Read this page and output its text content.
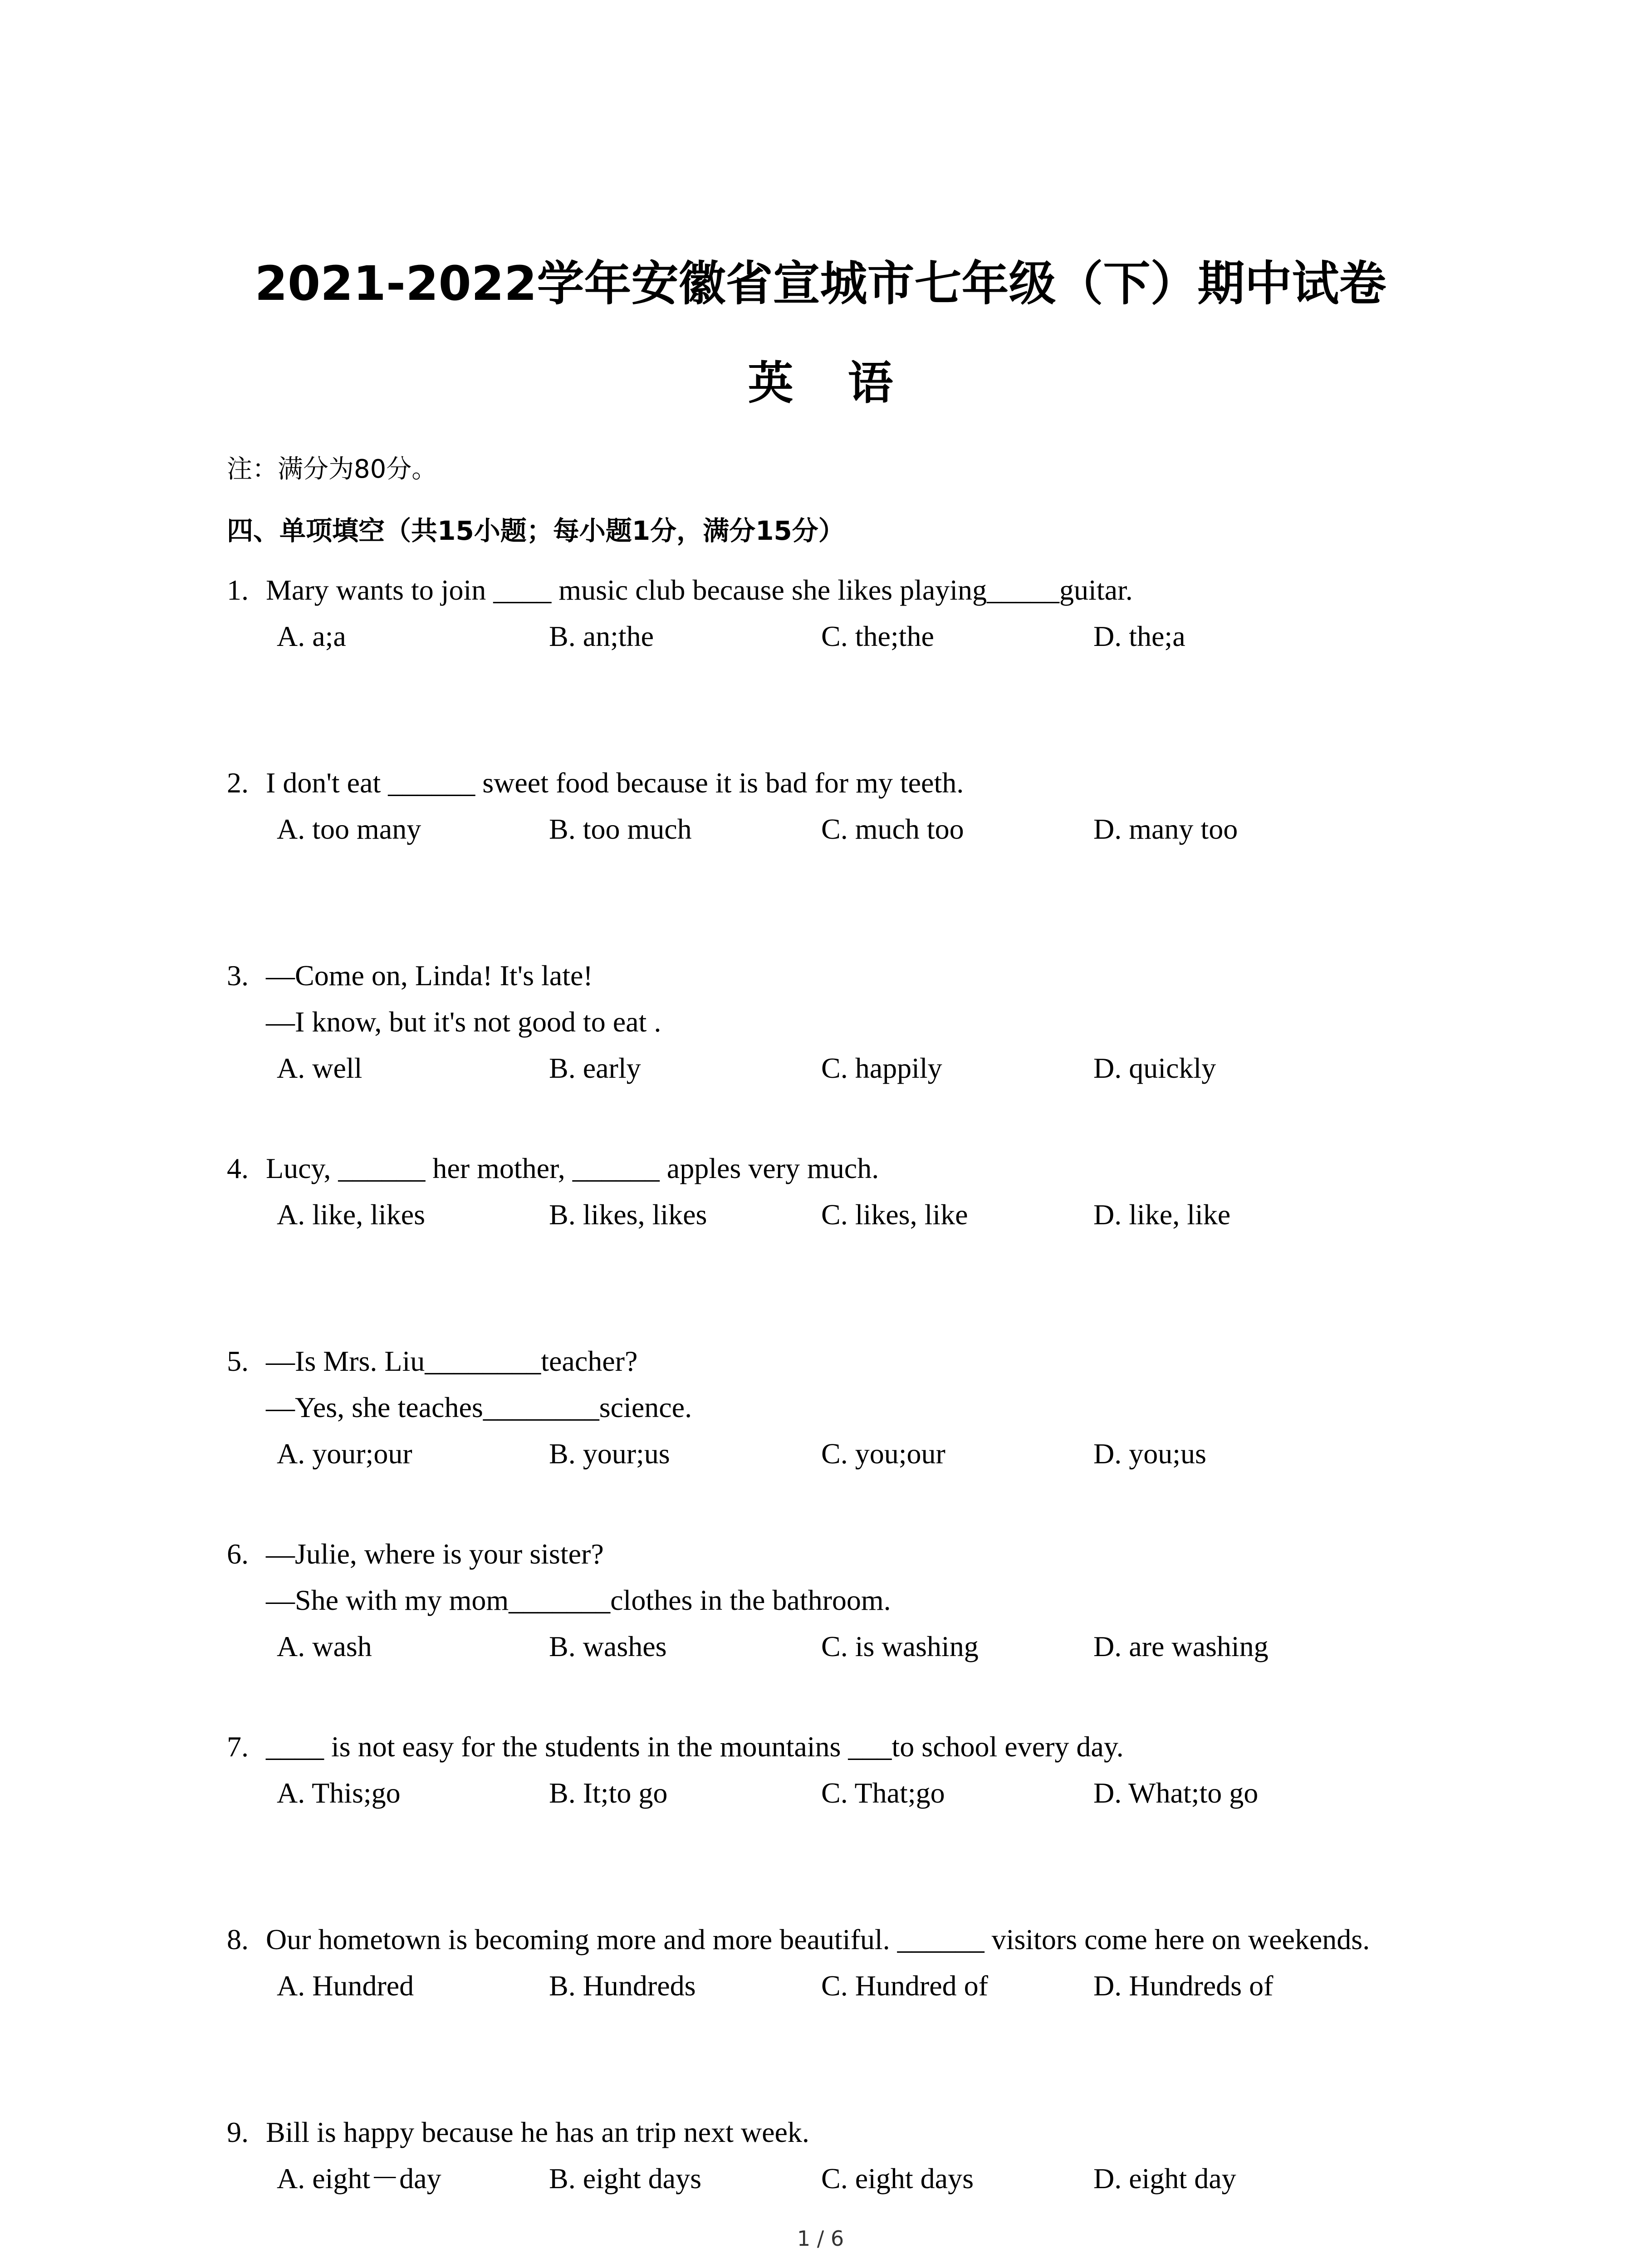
2021-2022学年安徽省宣城市七年级（下）期中试卷
英语
注：满分为80分。
四、单项填空（共15小题；每小题1分，满分15分）
1. Mary wants to join ____ music club because she likes playing_____guitar.
A. a;a	B. an;the	C. the;the	D. the;a
2. I don't eat ______ sweet food because it is bad for my teeth.
A. too many	B. too much	C. much too	D. many too
3. —Come on, Linda! It's late!
—I know, but it's not good to eat .
A. well	B. early	C. happily	D. quickly
4. Lucy, ______ her mother, ______ apples very much.
A. like, likes	B. likes, likes	C. likes, like	D. like, like
5. —Is Mrs. Liu________teacher?
—Yes, she teaches________science.
A. your;our	B. your;us	C. you;our	D. you;us
6. —Julie, where is your sister?
—She with my mom_______clothes in the bathroom.
A. wash	B. washes	C. is washing	D. are washing
7. ____ is not easy for the students in the mountains ___to school every day.
A. This;go	B. It;to go	C. That;go	D. What;to go
8. Our hometown is becoming more and more beautiful. ______ visitors come here on weekends.
A. Hundred	B. Hundreds	C. Hundred of	D. Hundreds of
9. Bill is happy because he has an trip next week.
A. eight－day	B. eight days	C. eight days	D. eight day
1 / 6
